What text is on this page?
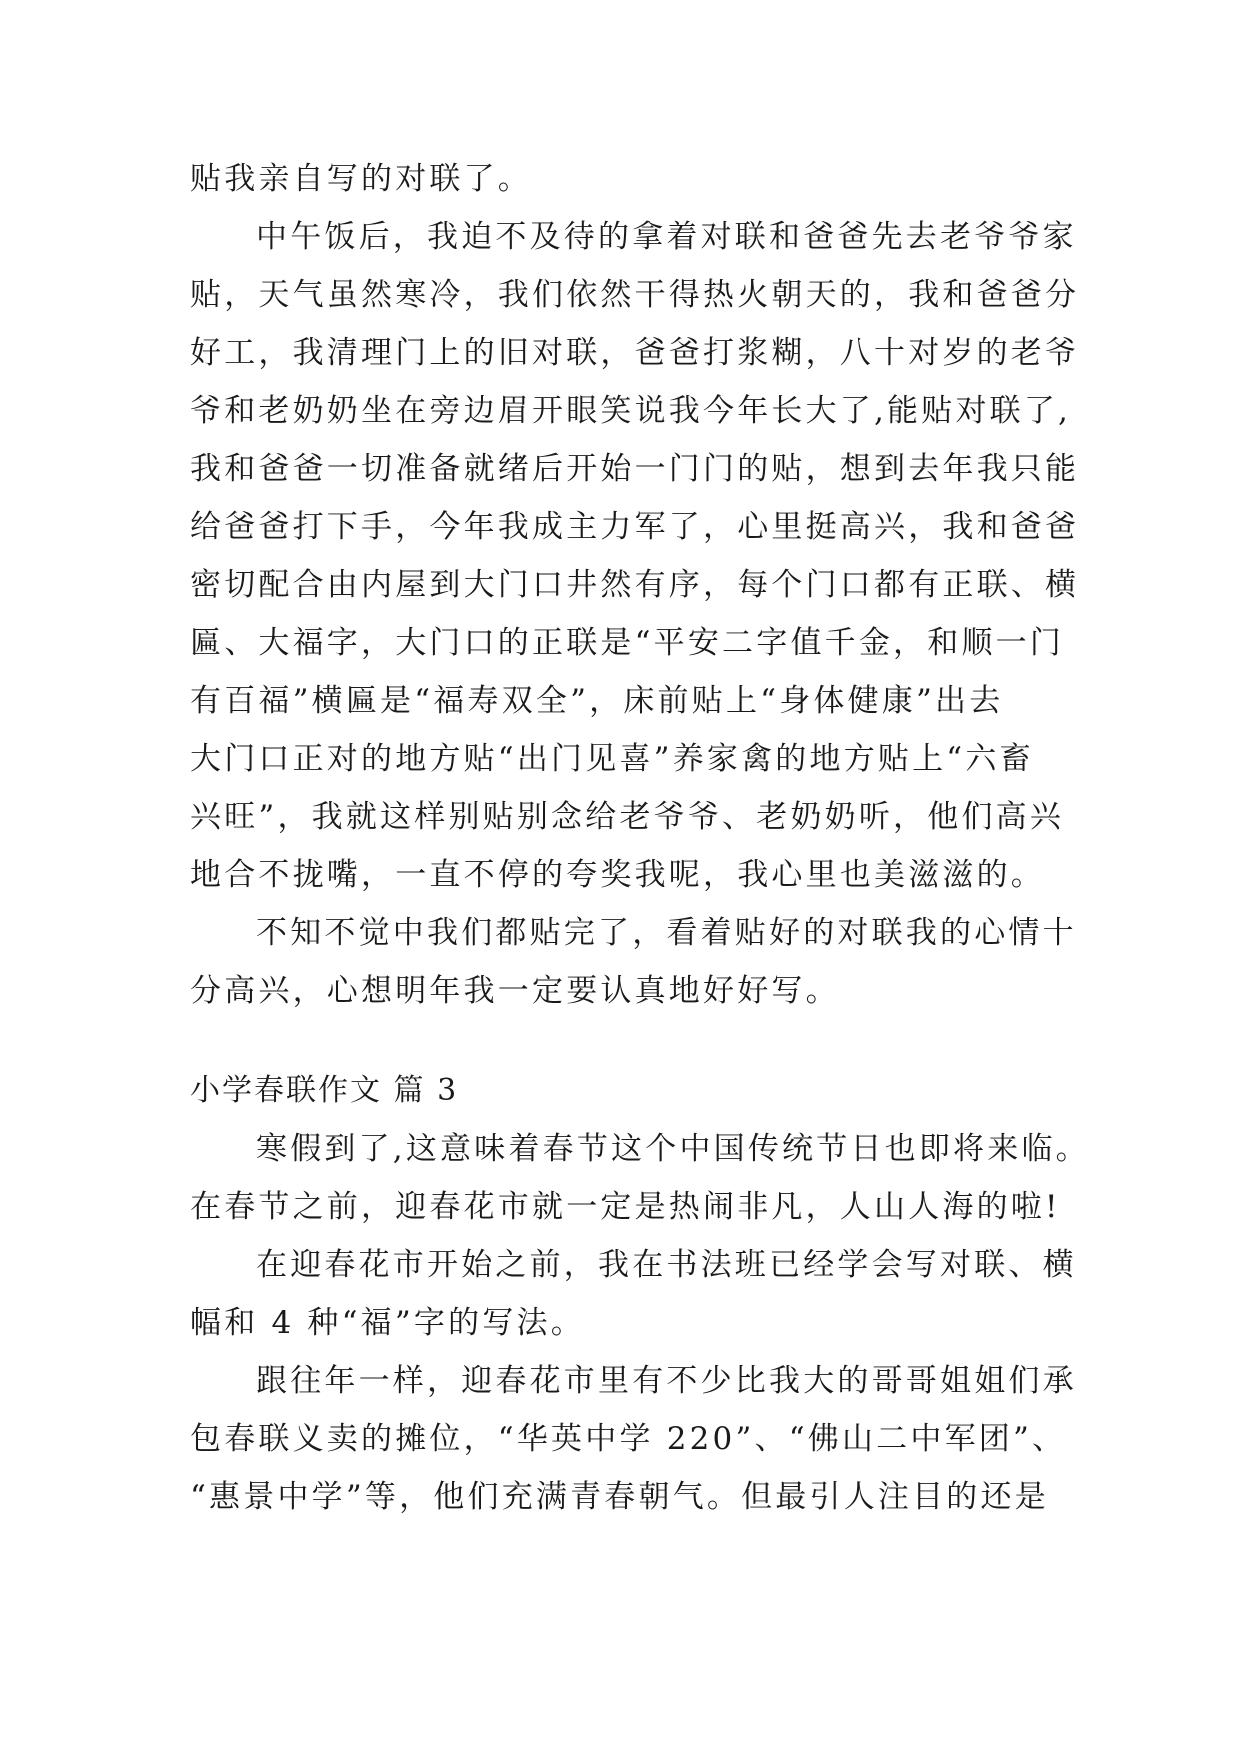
贴我亲自写的对联了。
中午饭后，我迫不及待的拿着对联和爸爸先去老爷爷家
贴，天气虽然寒冷，我们依然干得热火朝天的，我和爸爸分
好工，我清理门上的旧对联，爸爸打浆糊，八十对岁的老爷
爷和老奶奶坐在旁边眉开眼笑说我今年长大了,能贴对联了,
我和爸爸一切准备就绪后开始一门门的贴，想到去年我只能
给爸爸打下手，今年我成主力军了，心里挺高兴，我和爸爸
密切配合由内屋到大门口井然有序，每个门口都有正联、横
匾、大福字，大门口的正联是“平安二字值千金，和顺一门
有百福”横匾是“福寿双全”，床前贴上“身体健康”出去
大门口正对的地方贴“出门见喜”养家禽的地方贴上“六畜
兴旺”，我就这样别贴别念给老爷爷、老奶奶听，他们高兴
地合不拢嘴，一直不停的夸奖我呢，我心里也美滋滋的。
不知不觉中我们都贴完了，看着贴好的对联我的心情十
分高兴，心想明年我一定要认真地好好写。
小学春联作文 篇 3
寒假到了,这意味着春节这个中国传统节日也即将来临。
在春节之前，迎春花市就一定是热闹非凡，人山人海的啦!
在迎春花市开始之前，我在书法班已经学会写对联、横
幅和 4 种“福”字的写法。
跟往年一样，迎春花市里有不少比我大的哥哥姐姐们承
包春联义卖的摊位，“华英中学 220”、“佛山二中军团”、
“惠景中学”等，他们充满青春朝气。但最引人注目的还是
